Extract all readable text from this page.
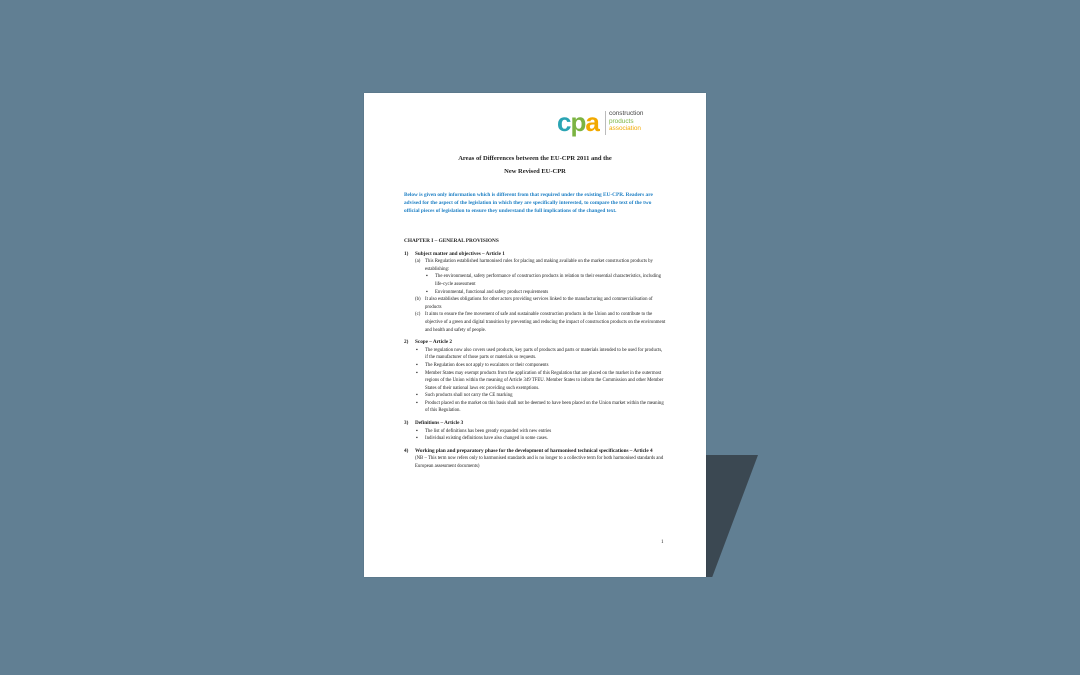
cpa construction
products
association
Areas of Differences between the EU-CPR 2011 and the
New Revised EU-CPR
Below is given only information which is different from that required under the existing EU-CPR. Readers are advised for the aspect of the legislation in which they are specifically interested, to compare the text of the two official pieces of legislation to ensure they understand the full implications of the changed text.
CHAPTER I – GENERAL PROVISIONS
1) Subject matter and objectives – Article 1
(a) This Regulation established harmonised rules for placing and making available on the market construction products by establishing:
▪ The environmental, safety performance of construction products in relation to their essential characteristics, including life-cycle assessment
▪ Environmental, functional and safety product requirements
(b) It also establishes obligations for other actors providing services linked to the manufacturing and commercialisation of products
(c) It aims to ensure the free movement of safe and sustainable construction products in the Union and to contribute to the objective of a green and digital transition by preventing and reducing the impact of construction products on the environment and health and safety of people.
2) Scope – Article 2
▪ The regulation now also covers used products, key parts of products and parts or materials intended to be used for products, if the manufacturer of those parts or materials so requests.
▪ The Regulation does not apply to escalators or their components
▪ Member States may exempt products from the application of this Regulation that are placed on the market in the outermost regions of the Union within the meaning of Article 349 TFEU. Member States to inform the Commission and other Member States of their national laws etc providing such exemptions.
▪ Such products shall not carry the CE marking
▪ Product placed on the market on this basis shall not be deemed to have been placed on the Union market within the meaning of this Regulation.
3) Definitions – Article 3
▪ The list of definitions has been greatly expanded with new entries
▪ Individual existing definitions have also changed in some cases.
4)	Working plan and preparatory phase for the development of harmonised technical specifications – Article 4
(NB – This term now refers only to harmonised standards and is no longer to a collective term for both harmonised standards and European assessment documents)
1
